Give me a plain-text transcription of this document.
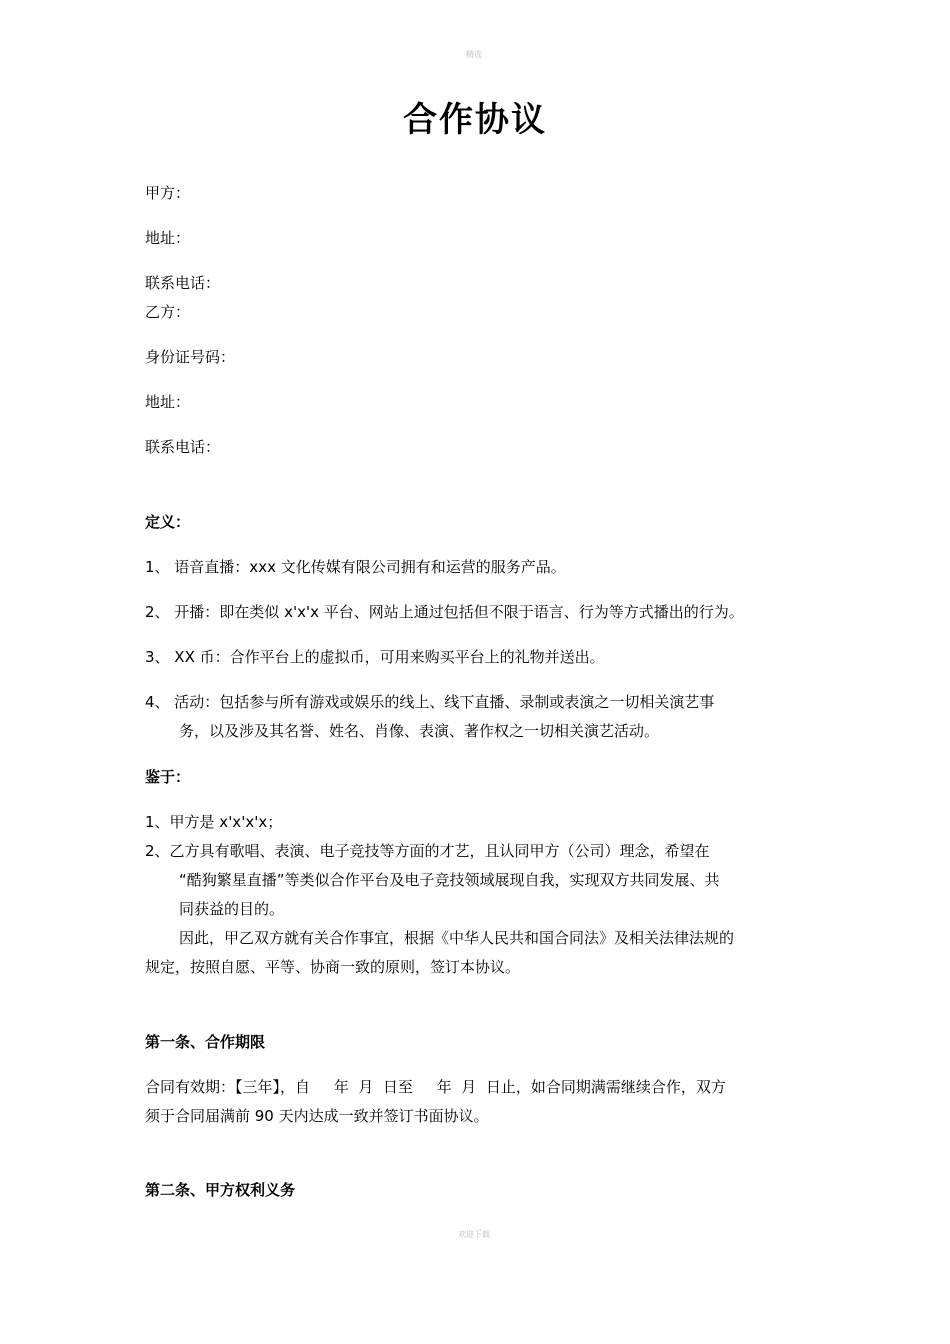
精选
合作协议
甲方：
地址：
联系电话：
乙方：
身份证号码：
地址：
联系电话：
定义：
1、 语音直播：xxx 文化传媒有限公司拥有和运营的服务产品。
2、 开播：即在类似 x'x'x 平台、网站上通过包括但不限于语言、行为等方式播出的行为。
3、 XX 币：合作平台上的虚拟币，可用来购买平台上的礼物并送出。
4、 活动：包括参与所有游戏或娱乐的线上、线下直播、录制或表演之一切相关演艺事
务，以及涉及其名誉、姓名、肖像、表演、著作权之一切相关演艺活动。
鉴于：
1、甲方是 x'x'x'x；
2、乙方具有歌唱、表演、电子竞技等方面的才艺，且认同甲方（公司）理念，希望在
“酷狗繁星直播”等类似合作平台及电子竞技领域展现自我，实现双方共同发展、共
同获益的目的。
因此，甲乙双方就有关合作事宜，根据《中华人民共和国合同法》及相关法律法规的
规定，按照自愿、平等、协商一致的原则，签订本协议。
第一条、合作期限
合同有效期：【三年】，自     年  月  日至     年  月  日止，如合同期满需继续合作，双方
须于合同届满前 90 天内达成一致并签订书面协议。
第二条、甲方权利义务
欢迎下载
